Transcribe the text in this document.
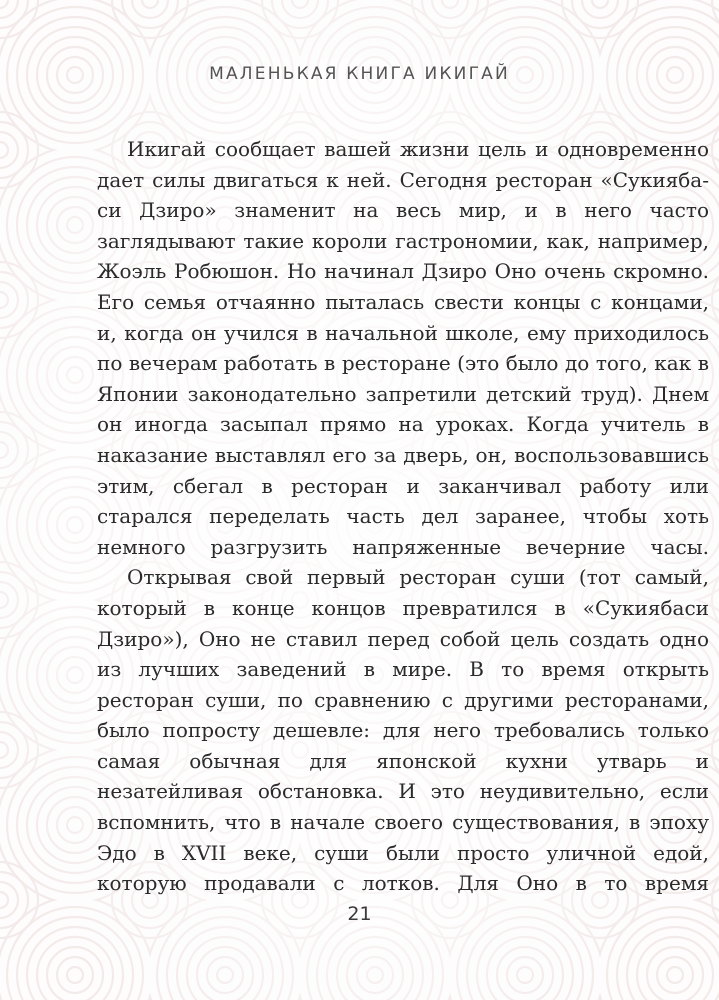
МАЛЕНЬКАЯ КНИГА ИКИГАЙ

Икигай сообщает вашей жизни цель и одновременно дает силы двигаться к ней. Сегодня ресторан «Сукиябаси Дзиро» знаменит на весь мир, и в него часто заглядывают такие короли гастрономии, как, например, Жоэль Робюшон. Но начинал Дзиро Оно очень скромно. Его семья отчаянно пыталась свести концы с концами, и, когда он учился в начальной школе, ему приходилось по вечерам работать в ресторане (это было до того, как в Японии законодательно запретили детский труд). Днем он иногда засыпал прямо на уроках. Когда учитель в наказание выставлял его за дверь, он, воспользовавшись этим, сбегал в ресторан и заканчивал работу или старался переделать часть дел заранее, чтобы хоть немного разгрузить напряженные вечерние часы.

Открывая свой первый ресторан суши (тот самый, который в конце концов превратился в «Сукиябаси Дзиро»), Оно не ставил перед собой цель создать одно из лучших заведений в мире. В то время открыть ресторан суши, по сравнению с другими ресторанами, было попросту дешевле: для него требовались только самая обычная для японской кухни утварь и незатейливая обстановка. И это неудивительно, если вспомнить, что в начале своего существования, в эпоху Эдо в XVII веке, суши были просто уличной едой, которую продавали с лотков. Для Оно в то время

21
